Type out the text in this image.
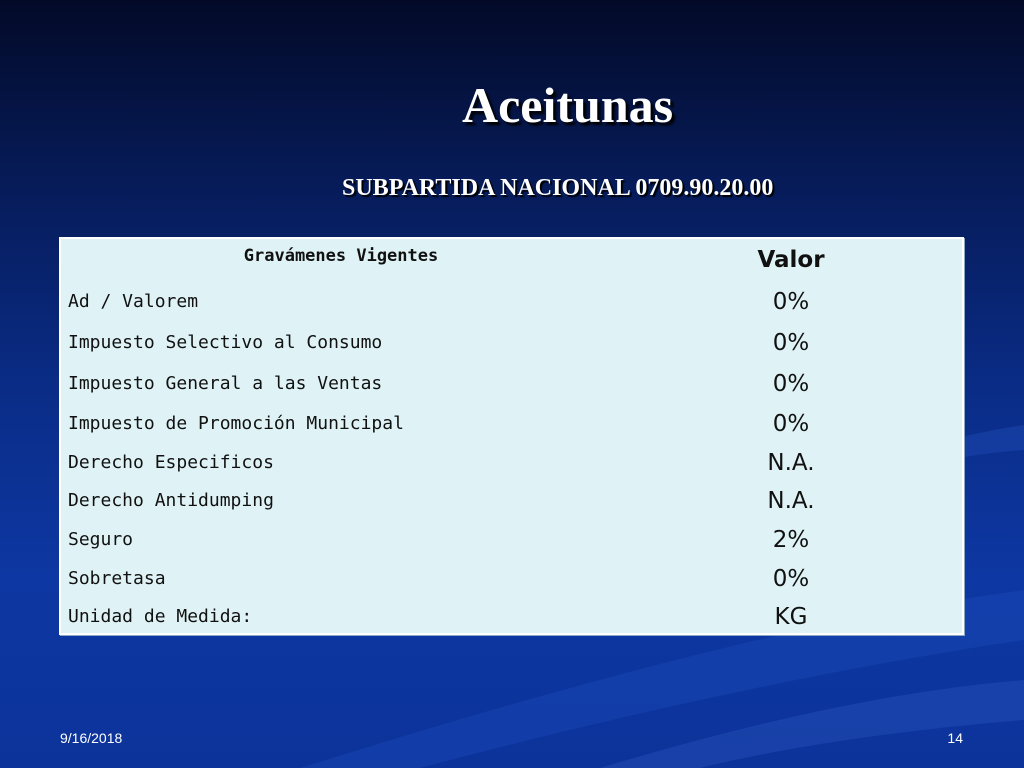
Aceitunas
SUBPARTIDA NACIONAL 0709.90.20.00
Gravámenes Vigentes	Valor
Ad / Valorem	0%
Impuesto Selectivo al Consumo	0%
Impuesto General a las Ventas	0%
Impuesto de Promoción Municipal	0%
Derecho Especificos	N.A.
Derecho Antidumping	N.A.
Seguro	2%
Sobretasa	0%
Unidad de Medida:	KG
9/16/2018	14
